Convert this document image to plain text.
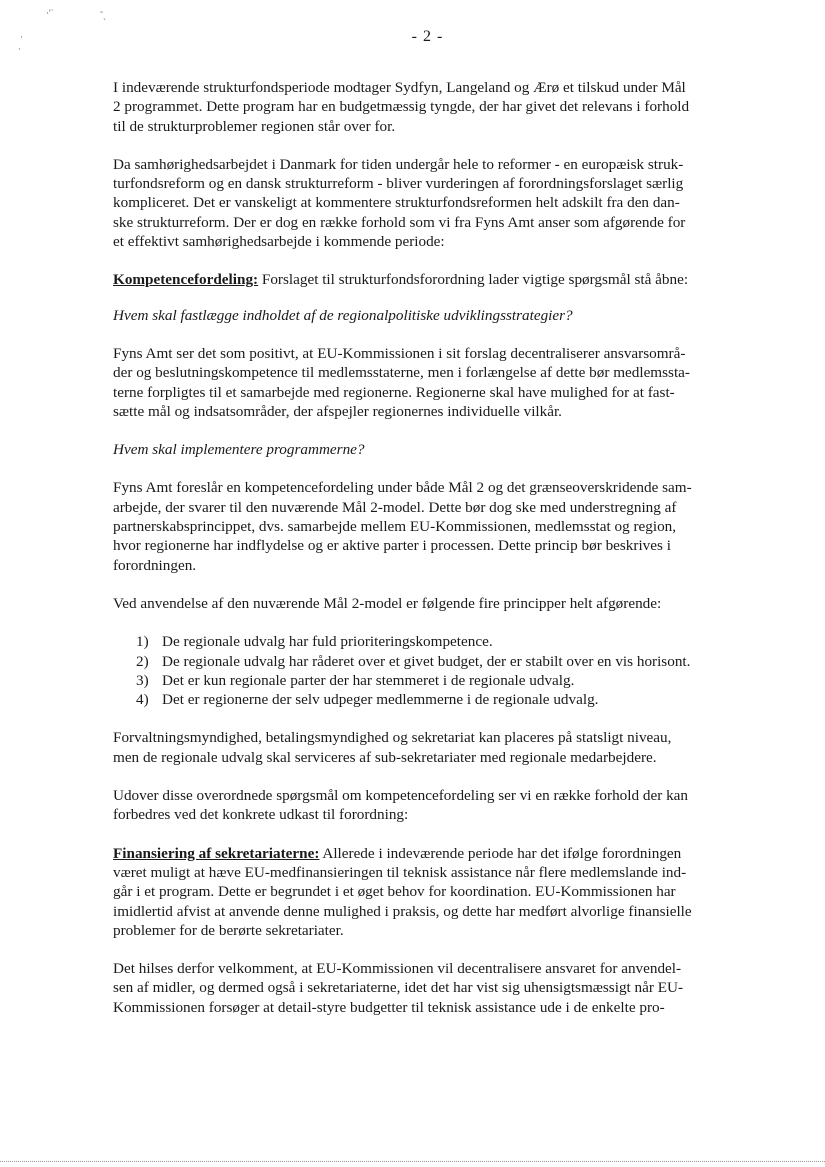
·'˙	˜ˎ
·
·
- 2 -

I indeværende strukturfondsperiode modtager Sydfyn, Langeland og Ærø et tilskud under Mål
2 programmet. Dette program har en budgetmæssig tyngde, der har givet det relevans i forhold
til de strukturproblemer regionen står over for.

Da samhørighedsarbejdet i Danmark for tiden undergår hele to reformer - en europæisk struk-
turfondsreform og en dansk strukturreform - bliver vurderingen af forordningsforslaget særlig
kompliceret. Det er vanskeligt at kommentere strukturfondsreformen helt adskilt fra den dan-
ske strukturreform. Der er dog en række forhold som vi fra Fyns Amt anser som afgørende for
et effektivt samhørighedsarbejde i kommende periode:

Kompetencefordeling: Forslaget til strukturfondsforordning lader vigtige spørgsmål stå åbne:

Hvem skal fastlægge indholdet af de regionalpolitiske udviklingsstrategier?

Fyns Amt ser det som positivt, at EU-Kommissionen i sit forslag decentraliserer ansvarsområ-
der og beslutningskompetence til medlemsstaterne, men i forlængelse af dette bør medlemssta-
terne forpligtes til et samarbejde med regionerne. Regionerne skal have mulighed for at fast-
sætte mål og indsatsområder, der afspejler regionernes individuelle vilkår.

Hvem skal implementere programmerne?

Fyns Amt foreslår en kompetencefordeling under både Mål 2 og det grænseoverskridende sam-
arbejde, der svarer til den nuværende Mål 2-model. Dette bør dog ske med understregning af
partnerskabsprincippet, dvs. samarbejde mellem EU-Kommissionen, medlemsstat og region,
hvor regionerne har indflydelse og er aktive parter i processen. Dette princip bør beskrives i
forordningen.

Ved anvendelse af den nuværende Mål 2-model er følgende fire principper helt afgørende:

1) De regionale udvalg har fuld prioriteringskompetence.
2) De regionale udvalg har råderet over et givet budget, der er stabilt over en vis horisont.
3) Det er kun regionale parter der har stemmeret i de regionale udvalg.
4) Det er regionerne der selv udpeger medlemmerne i de regionale udvalg.

Forvaltningsmyndighed, betalingsmyndighed og sekretariat kan placeres på statsligt niveau,
men de regionale udvalg skal serviceres af sub-sekretariater med regionale medarbejdere.

Udover disse overordnede spørgsmål om kompetencefordeling ser vi en række forhold der kan
forbedres ved det konkrete udkast til forordning:

Finansiering af sekretariaterne: Allerede i indeværende periode har det ifølge forordningen
været muligt at hæve EU-medfinansieringen til teknisk assistance når flere medlemslande ind-
går i et program. Dette er begrundet i et øget behov for koordination. EU-Kommissionen har
imidlertid afvist at anvende denne mulighed i praksis, og dette har medført alvorlige finansielle
problemer for de berørte sekretariater.

Det hilses derfor velkomment, at EU-Kommissionen vil decentralisere ansvaret for anvendel-
sen af midler, og dermed også i sekretariaterne, idet det har vist sig uhensigtsmæssigt når EU-
Kommissionen forsøger at detail-styre budgetter til teknisk assistance ude i de enkelte pro-
